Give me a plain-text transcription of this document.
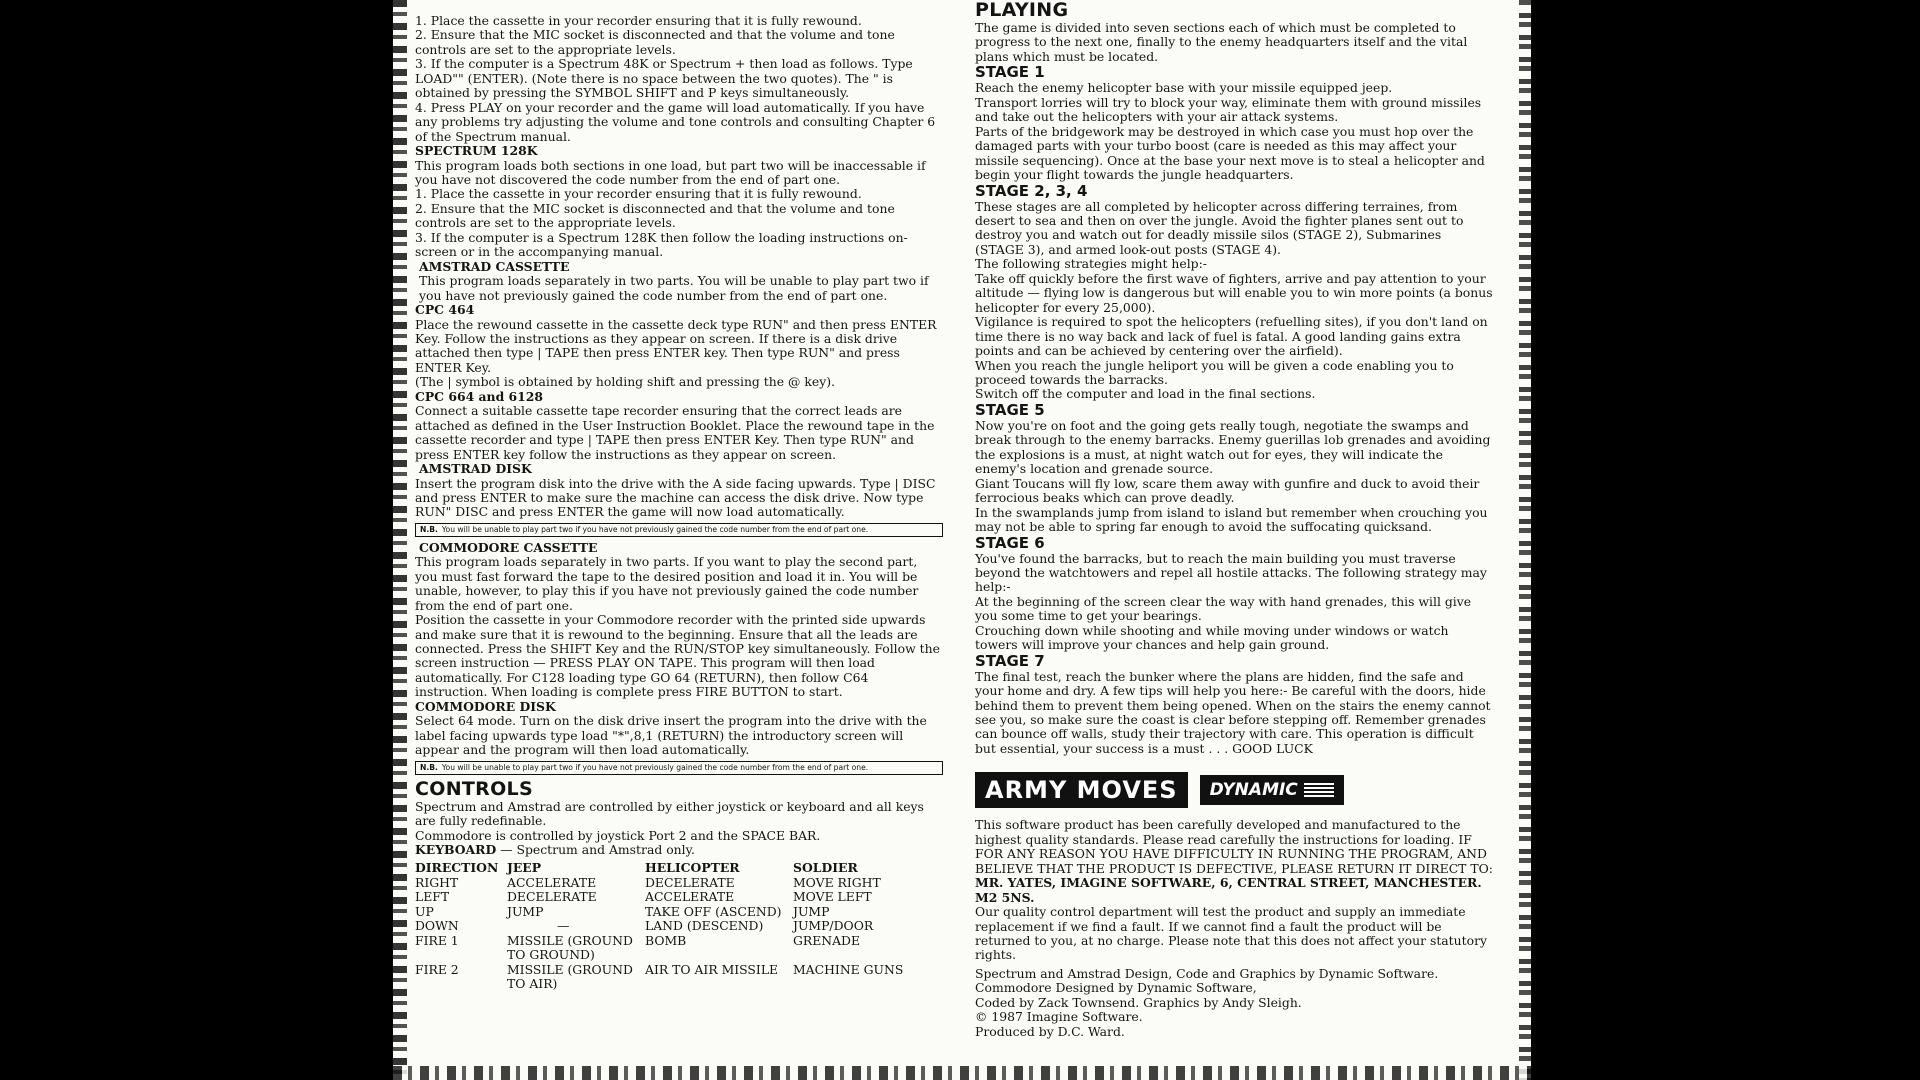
1. Place the cassette in your recorder ensuring that it is fully rewound.

2. Ensure that the MIC socket is disconnected and that the volume and tone controls are set to the appropriate levels.

3. If the computer is a Spectrum 48K or Spectrum + then load as follows. Type LOAD"" (ENTER). (Note there is no space between the two quotes). The " is obtained by pressing the SYMBOL SHIFT and P keys simultaneously.

4. Press PLAY on your recorder and the game will load automatically. If you have any problems try adjusting the volume and tone controls and consulting Chapter 6 of the Spectrum manual.

SPECTRUM 128K

This program loads both sections in one load, but part two will be inaccessable if you have not discovered the code number from the end of part one.

1. Place the cassette in your recorder ensuring that it is fully rewound.

2. Ensure that the MIC socket is disconnected and that the volume and tone controls are set to the appropriate levels.

3. If the computer is a Spectrum 128K then follow the loading instructions on-screen or in the accompanying manual.

AMSTRAD CASSETTE

This program loads separately in two parts. You will be unable to play part two if you have not previously gained the code number from the end of part one.

CPC 464

Place the rewound cassette in the cassette deck type RUN" and then press ENTER Key. Follow the instructions as they appear on screen. If there is a disk drive attached then type | TAPE then press ENTER key. Then type RUN" and press ENTER Key.

(The | symbol is obtained by holding shift and pressing the @ key).

CPC 664 and 6128

Connect a suitable cassette tape recorder ensuring that the correct leads are attached as defined in the User Instruction Booklet. Place the rewound tape in the cassette recorder and type | TAPE then press ENTER Key. Then type RUN" and press ENTER key follow the instructions as they appear on screen.

AMSTRAD DISK

Insert the program disk into the drive with the A side facing upwards. Type | DISC and press ENTER to make sure the machine can access the disk drive. Now type RUN" DISC and press ENTER the game will now load automatically.

N.B. You will be unable to play part two if you have not previously gained the code number from the end of part one.

COMMODORE CASSETTE

This program loads separately in two parts. If you want to play the second part, you must fast forward the tape to the desired position and load it in. You will be unable, however, to play this if you have not previously gained the code number from the end of part one.

Position the cassette in your Commodore recorder with the printed side upwards and make sure that it is rewound to the beginning. Ensure that all the leads are connected. Press the SHIFT Key and the RUN/STOP key simultaneously. Follow the screen instruction — PRESS PLAY ON TAPE. This program will then load automatically. For C128 loading type GO 64 (RETURN), then follow C64 instruction. When loading is complete press FIRE BUTTON to start.

COMMODORE DISK

Select 64 mode. Turn on the disk drive insert the program into the drive with the label facing upwards type load "*",8,1 (RETURN) the introductory screen will appear and the program will then load automatically.

N.B. You will be unable to play part two if you have not previously gained the code number from the end of part one.

CONTROLS

Spectrum and Amstrad are controlled by either joystick or keyboard and all keys are fully redefinable.

Commodore is controlled by joystick Port 2 and the SPACE BAR.

KEYBOARD — Spectrum and Amstrad only.

DIRECTION	JEEP	HELICOPTER	SOLDIER
RIGHT	ACCELERATE	DECELERATE	MOVE RIGHT
LEFT	DECELERATE	ACCELERATE	MOVE LEFT
UP	JUMP	TAKE OFF (ASCEND)	JUMP
DOWN	—	LAND (DESCEND)	JUMP/DOOR
FIRE 1	MISSILE (GROUND TO GROUND)	BOMB	GRENADE
FIRE 2	MISSILE (GROUND TO AIR)	AIR TO AIR MISSILE	MACHINE GUNS

PLAYING

The game is divided into seven sections each of which must be completed to progress to the next one, finally to the enemy headquarters itself and the vital plans which must be located.

STAGE 1

Reach the enemy helicopter base with your missile equipped jeep.

Transport lorries will try to block your way, eliminate them with ground missiles and take out the helicopters with your air attack systems.

Parts of the bridgework may be destroyed in which case you must hop over the damaged parts with your turbo boost (care is needed as this may affect your missile sequencing). Once at the base your next move is to steal a helicopter and begin your flight towards the jungle headquarters.

STAGE 2, 3, 4

These stages are all completed by helicopter across differing terraines, from desert to sea and then on over the jungle. Avoid the fighter planes sent out to destroy you and watch out for deadly missile silos (STAGE 2), Submarines (STAGE 3), and armed look-out posts (STAGE 4).

The following strategies might help:-

Take off quickly before the first wave of fighters, arrive and pay attention to your altitude — flying low is dangerous but will enable you to win more points (a bonus helicopter for every 25,000).

Vigilance is required to spot the helicopters (refuelling sites), if you don't land on time there is no way back and lack of fuel is fatal. A good landing gains extra points and can be achieved by centering over the airfield).

When you reach the jungle heliport you will be given a code enabling you to proceed towards the barracks.

Switch off the computer and load in the final sections.

STAGE 5

Now you're on foot and the going gets really tough, negotiate the swamps and break through to the enemy barracks. Enemy guerillas lob grenades and avoiding the explosions is a must, at night watch out for eyes, they will indicate the enemy's location and grenade source.

Giant Toucans will fly low, scare them away with gunfire and duck to avoid their ferrocious beaks which can prove deadly.

In the swamplands jump from island to island but remember when crouching you may not be able to spring far enough to avoid the suffocating quicksand.

STAGE 6

You've found the barracks, but to reach the main building you must traverse beyond the watchtowers and repel all hostile attacks. The following strategy may help:-

At the beginning of the screen clear the way with hand grenades, this will give you some time to get your bearings.

Crouching down while shooting and while moving under windows or watch towers will improve your chances and help gain ground.

STAGE 7

The final test, reach the bunker where the plans are hidden, find the safe and your home and dry. A few tips will help you here:- Be careful with the doors, hide behind them to prevent them being opened. When on the stairs the enemy cannot see you, so make sure the coast is clear before stepping off. Remember grenades can bounce off walls, study their trajectory with care. This operation is difficult but essential, your success is a must . . . GOOD LUCK

ARMY MOVES	DYNAMIC

This software product has been carefully developed and manufactured to the highest quality standards. Please read carefully the instructions for loading. IF FOR ANY REASON YOU HAVE DIFFICULTY IN RUNNING THE PROGRAM, AND BELIEVE THAT THE PRODUCT IS DEFECTIVE, PLEASE RETURN IT DIRECT TO:

MR. YATES, IMAGINE SOFTWARE, 6, CENTRAL STREET, MANCHESTER. M2 5NS.

Our quality control department will test the product and supply an immediate replacement if we find a fault. If we cannot find a fault the product will be returned to you, at no charge. Please note that this does not affect your statutory rights.

Spectrum and Amstrad Design, Code and Graphics by Dynamic Software.

Commodore Designed by Dynamic Software,

Coded by Zack Townsend. Graphics by Andy Sleigh.

© 1987 Imagine Software.

Produced by D.C. Ward.
